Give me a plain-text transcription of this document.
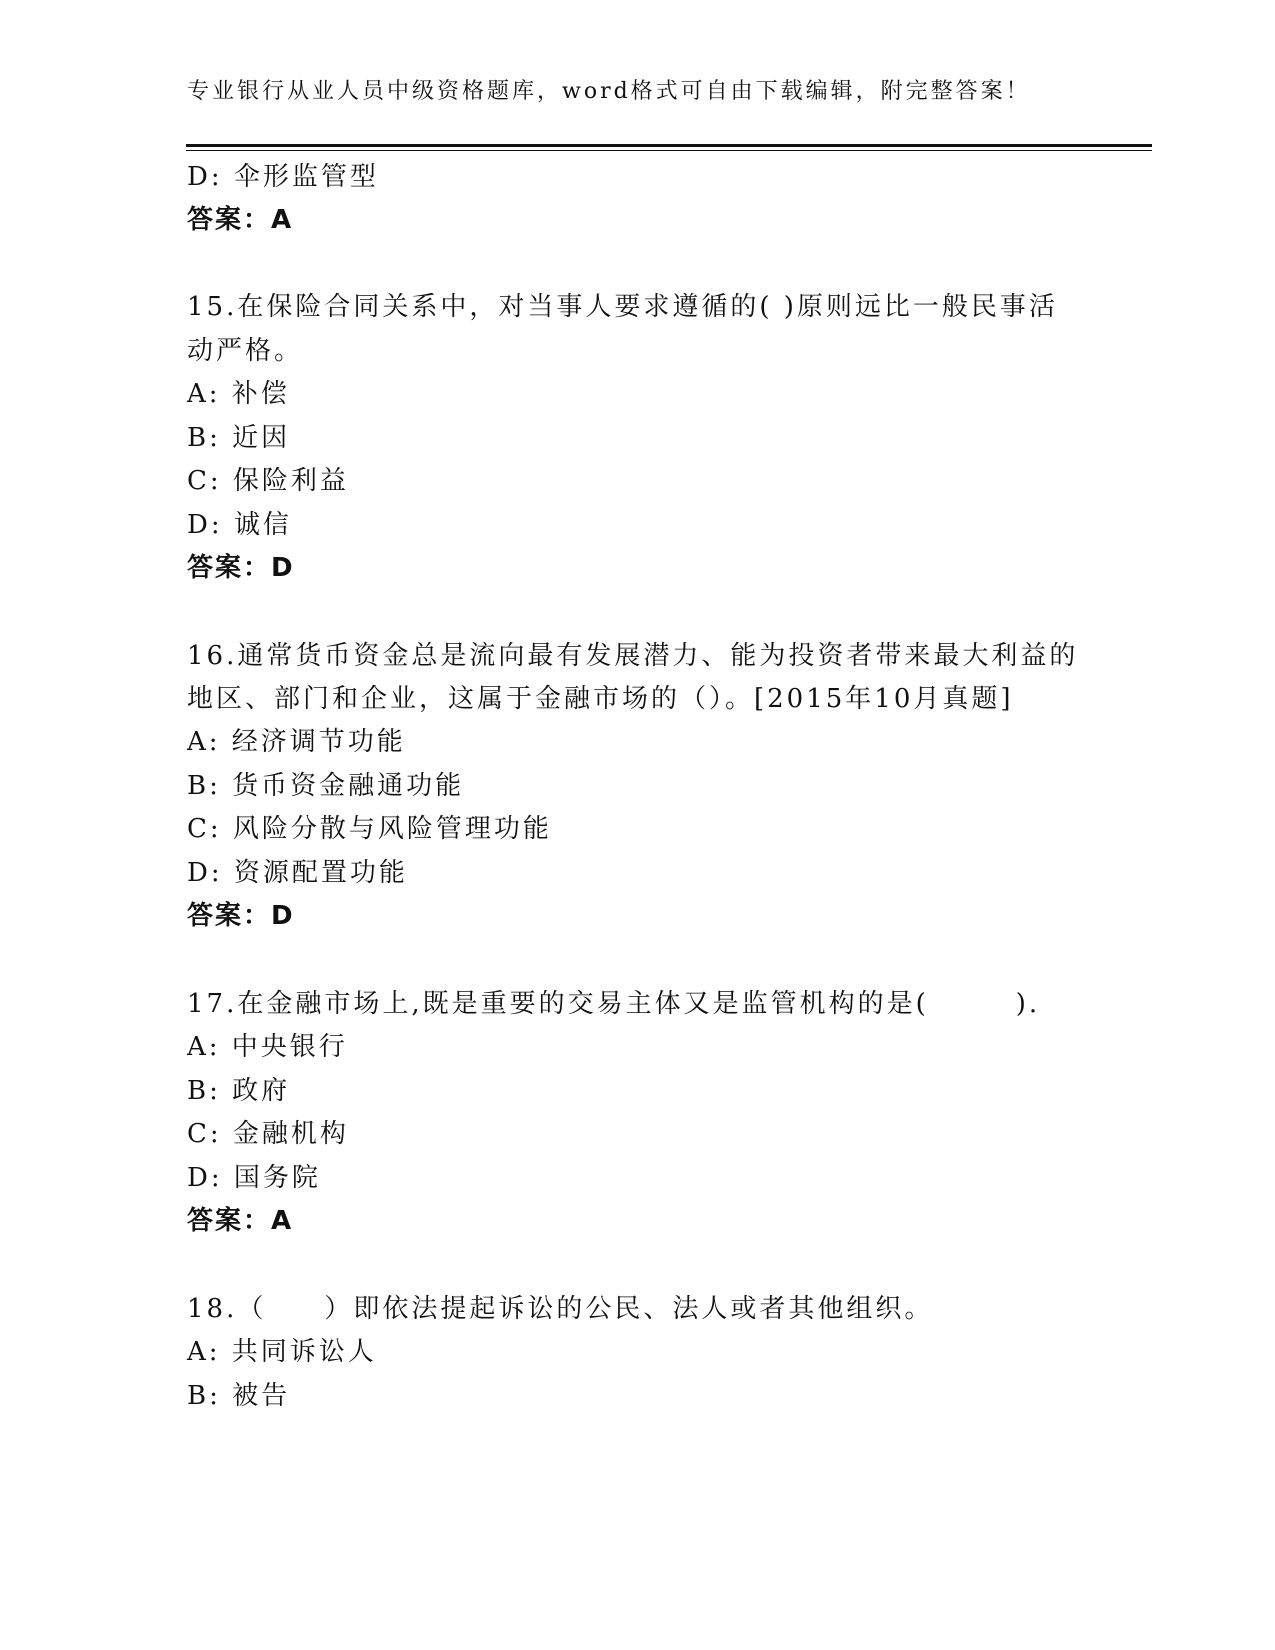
专业银行从业人员中级资格题库，word格式可自由下载编辑，附完整答案！
D: 伞形监管型
答案：A
15.在保险合同关系中，对当事人要求遵循的( )原则远比一般民事活
动严格。
A: 补偿
B: 近因
C: 保险利益
D: 诚信
答案：D
16.通常货币资金总是流向最有发展潜力、能为投资者带来最大利益的
地区、部门和企业，这属于金融市场的（）。[2015年10月真题]
A: 经济调节功能
B: 货币资金融通功能
C: 风险分散与风险管理功能
D: 资源配置功能
答案：D
17.在金融市场上,既是重要的交易主体又是监管机构的是(　　　).
A: 中央银行
B: 政府
C: 金融机构
D: 国务院
答案：A
18.（　　）即依法提起诉讼的公民、法人或者其他组织。
A: 共同诉讼人
B: 被告
